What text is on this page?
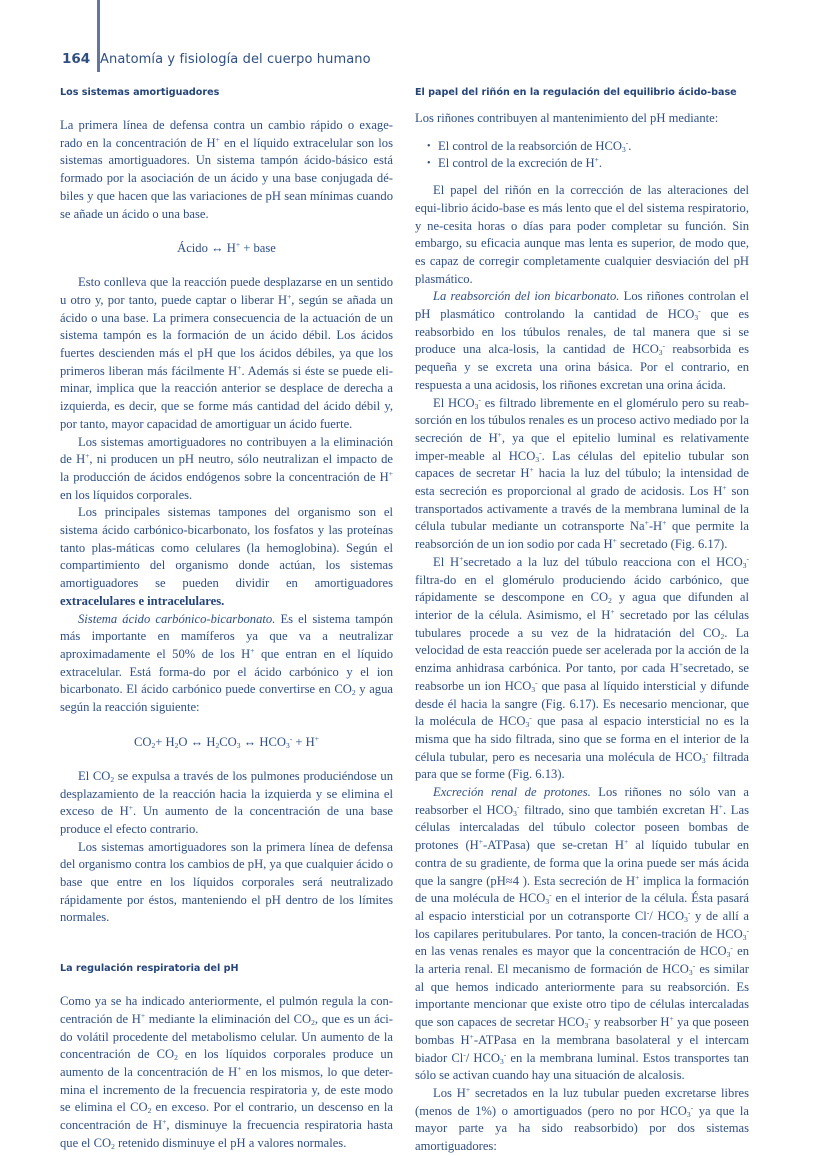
164 Anatomía y fisiología del cuerpo humano
Los sistemas amortiguadores

La primera línea de defensa contra un cambio rápido o exage-rado en la concentración de H+ en el líquido extracelular son los sistemas amortiguadores. Un sistema tampón ácido-básico está formado por la asociación de un ácido y una base conjugada dé-biles y que hacen que las variaciones de pH sean mínimas cuando se añade un ácido o una base.

Ácido ↔ H+ + base

Esto conlleva que la reacción puede desplazarse en un sentido u otro y, por tanto, puede captar o liberar H+, según se añada un ácido o una base. La primera consecuencia de la actuación de un sistema tampón es la formación de un ácido débil. Los ácidos fuertes descienden más el pH que los ácidos débiles, ya que los primeros liberan más fácilmente H+. Además si éste se puede eli-minar, implica que la reacción anterior se desplace de derecha a izquierda, es decir, que se forme más cantidad del ácido débil y, por tanto, mayor capacidad de amortiguar un ácido fuerte.

Los sistemas amortiguadores no contribuyen a la eliminación de H+, ni producen un pH neutro, sólo neutralizan el impacto de la producción de ácidos endógenos sobre la concentración de H+ en los líquidos corporales.

Los principales sistemas tampones del organismo son el sistema ácido carbónico-bicarbonato, los fosfatos y las proteínas tanto plas-máticas como celulares (la hemoglobina). Según el compartimiento del organismo donde actúan, los sistemas amortiguadores se pueden dividir en amortiguadores extracelulares e intracelulares.

Sistema ácido carbónico-bicarbonato. Es el sistema tampón más importante en mamíferos ya que va a neutralizar aproximadamente el 50% de los H+ que entran en el líquido extracelular. Está forma-do por el ácido carbónico y el ion bicarbonato. El ácido carbónico puede convertirse en $CO_2$ y agua según la reacción siguiente:

$CO_2+ H_2O$ ↔ $H_2CO_3$ ↔ $HCO_3^- + H^+$

El $CO_2$ se expulsa a través de los pulmones produciéndose un desplazamiento de la reacción hacia la izquierda y se elimina el exceso de H+. Un aumento de la concentración de una base produce el efecto contrario.

Los sistemas amortiguadores son la primera línea de defensa del organismo contra los cambios de pH, ya que cualquier ácido o base que entre en los líquidos corporales será neutralizado rápidamente por éstos, manteniendo el pH dentro de los límites normales.

La regulación respiratoria del pH

Como ya se ha indicado anteriormente, el pulmón regula la con-centración de H+ mediante la eliminación del $CO_2$, que es un áci-do volátil procedente del metabolismo celular. Un aumento de la concentración de $CO_2$ en los líquidos corporales produce un aumento de la concentración de H+ en los mismos, lo que deter-mina el incremento de la frecuencia respiratoria y, de este modo se elimina el $CO_2$ en exceso. Por el contrario, un descenso en la concentración de H+, disminuye la frecuencia respiratoria hasta que el $CO_2$ retenido disminuye el pH a valores normales.

El papel del riñón en la regulación del equilibrio ácido-base

Los riñones contribuyen al mantenimiento del pH mediante:

• El control de la reabsorción de $HCO_3^-$.
• El control de la excreción de H+.

El papel del riñón en la corrección de las alteraciones del equi-librio ácido-base es más lento que el del sistema respiratorio, y ne-cesita horas o días para poder completar su función. Sin embargo, su eficacia aunque mas lenta es superior, de modo que, es capaz de corregir completamente cualquier desviación del pH plasmático.

La reabsorción del ion bicarbonato. Los riñones controlan el pH plasmático controlando la cantidad de $HCO_3^-$ que es reabsorbido en los túbulos renales, de tal manera que si se produce una alca-losis, la cantidad de $HCO_3^-$ reabsorbida es pequeña y se excreta una orina básica. Por el contrario, en respuesta a una acidosis, los riñones excretan una orina ácida.

El $HCO_3^-$ es filtrado libremente en el glomérulo pero su reab-sorción en los túbulos renales es un proceso activo mediado por la secreción de H+, ya que el epitelio luminal es relativamente imper-meable al $HCO_3^-$. Las células del epitelio tubular son capaces de secretar H+ hacia la luz del túbulo; la intensidad de esta secreción es proporcional al grado de acidosis. Los H+ son transportados activamente a través de la membrana luminal de la célula tubular mediante un cotransporte Na+-H+ que permite la reabsorción de un ion sodio por cada H+ secretado (Fig. 6.17).

El H+secretado a la luz del túbulo reacciona con el $HCO_3^-$ filtra-do en el glomérulo produciendo ácido carbónico, que rápidamente se descompone en $CO_2$ y agua que difunden al interior de la célula. Asimismo, el H+ secretado por las células tubulares procede a su vez de la hidratación del $CO_2$. La velocidad de esta reacción puede ser acelerada por la acción de la enzima anhidrasa carbónica. Por tanto, por cada H+secretado, se reabsorbe un ion $HCO_3^-$ que pasa al líquido intersticial y difunde desde él hacia la sangre (Fig. 6.17). Es necesario mencionar, que la molécula de $HCO_3^-$ que pasa al espacio intersticial no es la misma que ha sido filtrada, sino que se forma en el interior de la célula tubular, pero es necesaria una molécula de $HCO_3^-$ filtrada para que se forme (Fig. 6.13).

Excreción renal de protones. Los riñones no sólo van a reabsorber el $HCO_3^-$ filtrado, sino que también excretan H+. Las células intercaladas del túbulo colector poseen bombas de protones (H+-ATPasa) que se-cretan H+ al líquido tubular en contra de su gradiente, de forma que la orina puede ser más ácida que la sangre (pH≈4 ). Esta secreción de H+ implica la formación de una molécula de $HCO_3^-$ en el interior de la célula. Ésta pasará al espacio intersticial por un cotransporte Cl-/ $HCO_3^-$ y de allí a los capilares peritubulares. Por tanto, la concen-tración de $HCO_3^-$ en las venas renales es mayor que la concentración de $HCO_3^-$ en la arteria renal. El mecanismo de formación de $HCO_3^-$ es similar al que hemos indicado anteriormente para su reabsorción. Es importante mencionar que existe otro tipo de células intercaladas que son capaces de secretar $HCO_3^-$ y reabsorber H+ ya que poseen bombas H+-ATPasa en la membrana basolateral y el intercam biador Cl-/ $HCO_3^-$ en la membrana luminal. Estos transportes tan sólo se activan cuando hay una situación de alcalosis.

Los H+ secretados en la luz tubular pueden excretarse libres (menos de 1%) o amortiguados (pero no por $HCO_3^-$ ya que la mayor parte ya ha sido reabsorbido) por dos sistemas amortiguadores:
